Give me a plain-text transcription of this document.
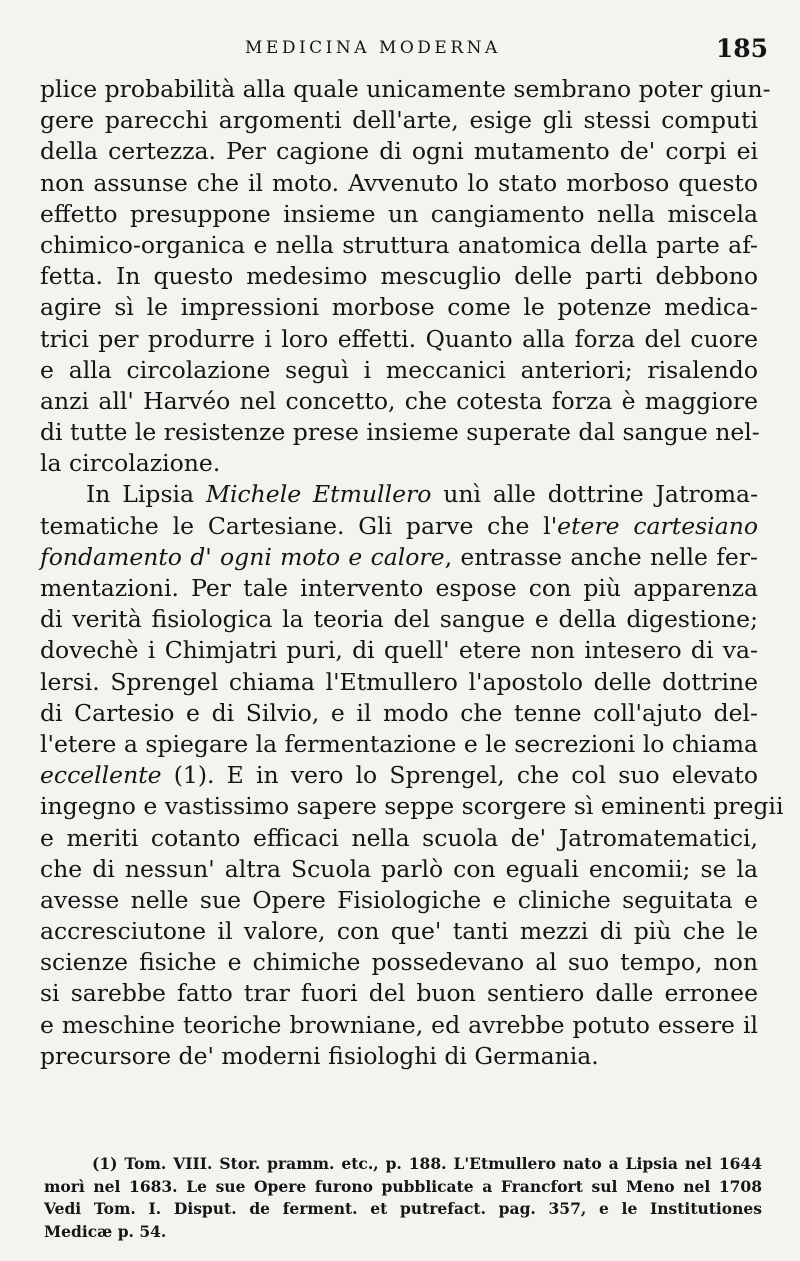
MEDICINA MODERNA	185
plice probabilità alla quale unicamente sembrano poter giun-
gere parecchi argomenti dell'arte, esige gli stessi computi
della certezza. Per cagione di ogni mutamento de' corpi ei
non assunse che il moto. Avvenuto lo stato morboso questo
effetto presuppone insieme un cangiamento nella miscela
chimico-organica e nella struttura anatomica della parte af-
fetta. In questo medesimo mescuglio delle parti debbono
agire sì le impressioni morbose come le potenze medica-
trici per produrre i loro effetti. Quanto alla forza del cuore
e alla circolazione seguì i meccanici anteriori; risalendo
anzi all' Harvéo nel concetto, che cotesta forza è maggiore
di tutte le resistenze prese insieme superate dal sangue nel-
la circolazione.
In Lipsia Michele Etmullero unì alle dottrine Jatroma-
tematiche le Cartesiane. Gli parve che l'etere cartesiano
fondamento d' ogni moto e calore, entrasse anche nelle fer-
mentazioni. Per tale intervento espose con più apparenza
di verità fisiologica la teoria del sangue e della digestione;
dovechè i Chimjatri puri, di quell' etere non intesero di va-
lersi. Sprengel chiama l'Etmullero l'apostolo delle dottrine
di Cartesio e di Silvio, e il modo che tenne coll'ajuto del-
l'etere a spiegare la fermentazione e le secrezioni lo chiama
eccellente (1). E in vero lo Sprengel, che col suo elevato
ingegno e vastissimo sapere seppe scorgere sì eminenti pregii
e meriti cotanto efficaci nella scuola de' Jatromatematici,
che di nessun' altra Scuola parlò con eguali encomii; se la
avesse nelle sue Opere Fisiologiche e cliniche seguitata e
accresciutone il valore, con que' tanti mezzi di più che le
scienze fisiche e chimiche possedevano al suo tempo, non
si sarebbe fatto trar fuori del buon sentiero dalle erronee
e meschine teoriche browniane, ed avrebbe potuto essere il
precursore de' moderni fisiologhi di Germania.
(1) Tom. VIII. Stor. pramm. etc., p. 188. L'Etmullero nato a Lipsia nel 1644
morì nel 1683. Le sue Opere furono pubblicate a Francfort sul Meno nel 1708
Vedi Tom. I. Disput. de ferment. et putrefact. pag. 357, e le Institutiones
Medicæ p. 54.
